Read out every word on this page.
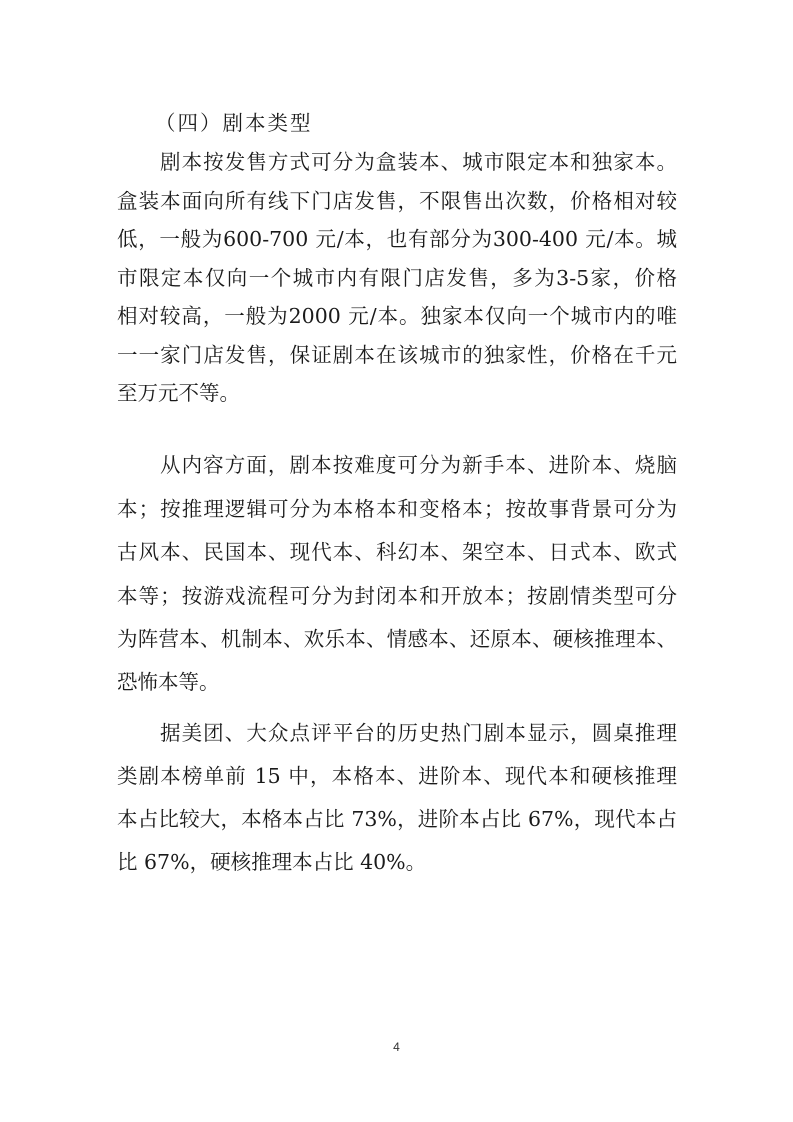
（四）剧本类型
剧本按发售方式可分为盒装本、城市限定本和独家本。
盒装本面向所有线下门店发售，不限售出次数，价格相对较
低，一般为600-700 元/本，也有部分为300-400 元/本。城
市限定本仅向一个城市内有限门店发售，多为3-5家，价格
相对较高，一般为2000 元/本。独家本仅向一个城市内的唯
一一家门店发售，保证剧本在该城市的独家性，价格在千元
至万元不等。
从内容方面，剧本按难度可分为新手本、进阶本、烧脑
本；按推理逻辑可分为本格本和变格本；按故事背景可分为
古风本、民国本、现代本、科幻本、架空本、日式本、欧式
本等；按游戏流程可分为封闭本和开放本；按剧情类型可分
为阵营本、机制本、欢乐本、情感本、还原本、硬核推理本、
恐怖本等。
据美团、大众点评平台的历史热门剧本显示，圆桌推理
类剧本榜单前 15 中，本格本、进阶本、现代本和硬核推理
本占比较大，本格本占比 73%，进阶本占比 67%，现代本占
比 67%，硬核推理本占比 40%。
4
